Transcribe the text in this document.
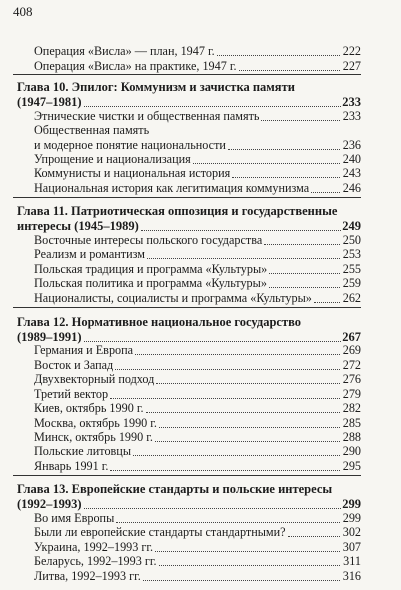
408
Операция «Висла» — план, 1947 г.	222
Операция «Висла» на практике, 1947 г.	227
Глава 10. Эпилог: Коммунизм и зачистка памяти
(1947–1981)	233
Этнические чистки и общественная память	233
Общественная память
и модерное понятие национальности	236
Упрощение и национализация	240
Коммунисты и национальная история	243
Национальная история как легитимация коммунизма	246
Глава 11. Патриотическая оппозиция и государственные
интересы (1945–1989)	249
Восточные интересы польского государства	250
Реализм и романтизм	253
Польская традиция и программа «Культуры»	255
Польская политика и программа «Культуры»	259
Националисты, социалисты и программа «Культуры»	262
Глава 12. Нормативное национальное государство
(1989–1991)	267
Германия и Европа	269
Восток и Запад	272
Двухвекторный подход	276
Третий вектор	279
Киев, октябрь 1990 г.	282
Москва, октябрь 1990 г.	285
Минск, октябрь 1990 г.	288
Польские литовцы	290
Январь 1991 г.	295
Глава 13. Европейские стандарты и польские интересы
(1992–1993)	299
Во имя Европы	299
Были ли европейские стандарты стандартными?	302
Украина, 1992–1993 гг.	307
Беларусь, 1992–1993 гг.	311
Литва, 1992–1993 гг.	316
